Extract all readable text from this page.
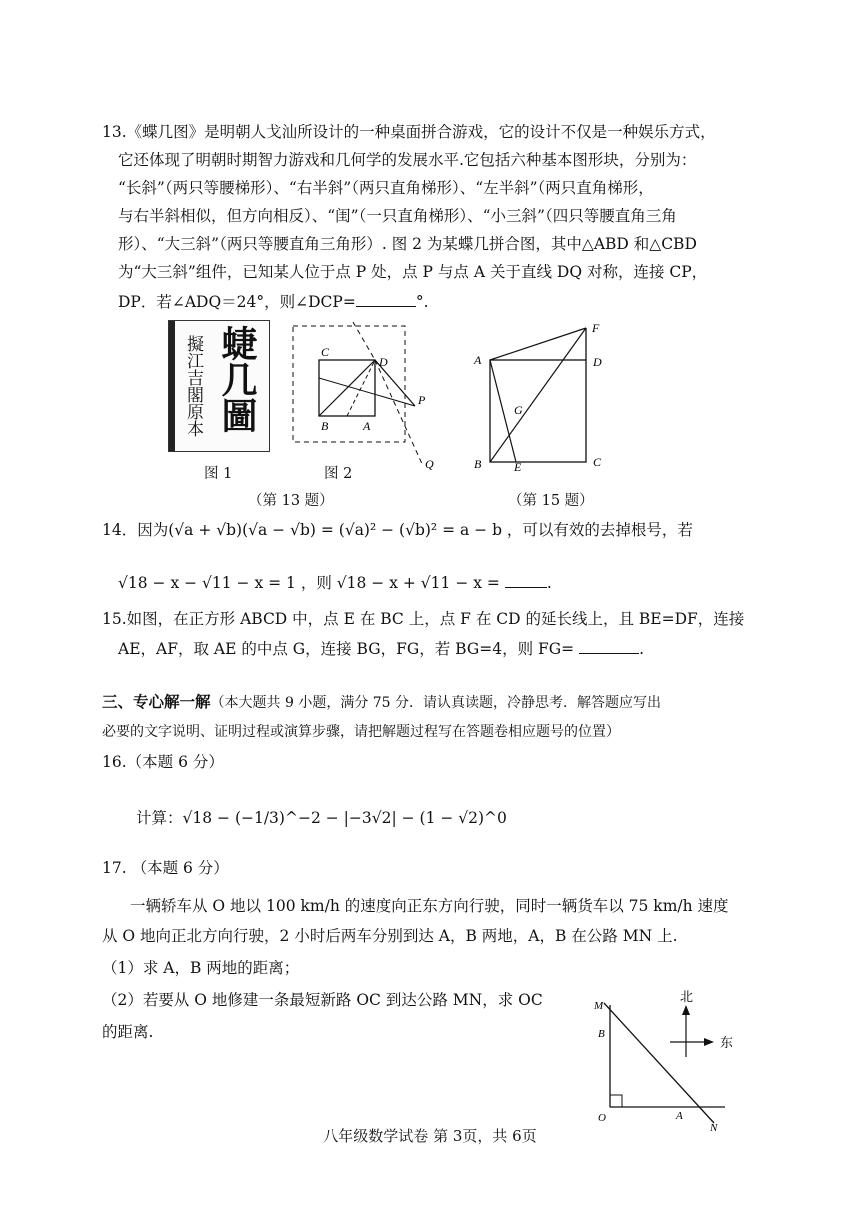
13.《蝶几图》是明朝人戈汕所设计的一种桌面拼合游戏，它的设计不仅是一种娱乐方式，
它还体现了明朝时期智力游戏和几何学的发展水平.它包括六种基本图形块，分别为：
“长斜”（两只等腰梯形）、“右半斜”（两只直角梯形）、“左半斜”（两只直角梯形，
与右半斜相似，但方向相反）、“闺”（一只直角梯形）、“小三斜”（四只等腰直角三角
形）、“大三斜”（两只等腰直角三角形）. 图 2 为某蝶几拼合图，其中△ABD 和△CBD
为“大三斜”组件，已知某人位于点 P 处，点 P 与点 A 关于直线 DQ 对称，连接 CP，
DP．若∠ADQ＝24°，则∠DCP=	°.
擬江吉閣原本 蜨几圖	C
D
B	A
P
Q
图 1	图 2
（第 13 题）
A	D
F
G
B	E	C
（第 15 题）
14．因为(√a + √b)(√a − √b) = (√a)² − (√b)² = a − b ，可以有效的去掉根号，若
√18 − x − √11 − x = 1 ，则 √18 − x + √11 − x =	.
15.如图，在正方形 ABCD 中，点 E 在 BC 上，点 F 在 CD 的延长线上，且 BE=DF，连接
AE，AF，取 AE 的中点 G，连接 BG，FG，若 BG=4，则 FG=	.
三、专心解一解（本大题共 9 小题，满分 75 分．请认真读题，冷静思考．解答题应写出
必要的文字说明、证明过程或演算步骤，请把解题过程写在答题卷相应题号的位置）
16.（本题 6 分）
计算：√18 − (−1/3)^−2 − |−3√2| − (1 − √2)^0
17. （本题 6 分）
一辆轿车从 O 地以 100 km/h 的速度向正东方向行驶，同时一辆货车以 75 km/h 速度
从 O 地向正北方向行驶，2 小时后两车分别到达 A，B 两地，A，B 在公路 MN 上.
（1）求 A，B 两地的距离；
（2）若要从 O 地修建一条最短新路 OC 到达公路 MN，求 OC
的距离.
北
东
M
B
O	A
N
八年级数学试卷 第 3页，共 6页
